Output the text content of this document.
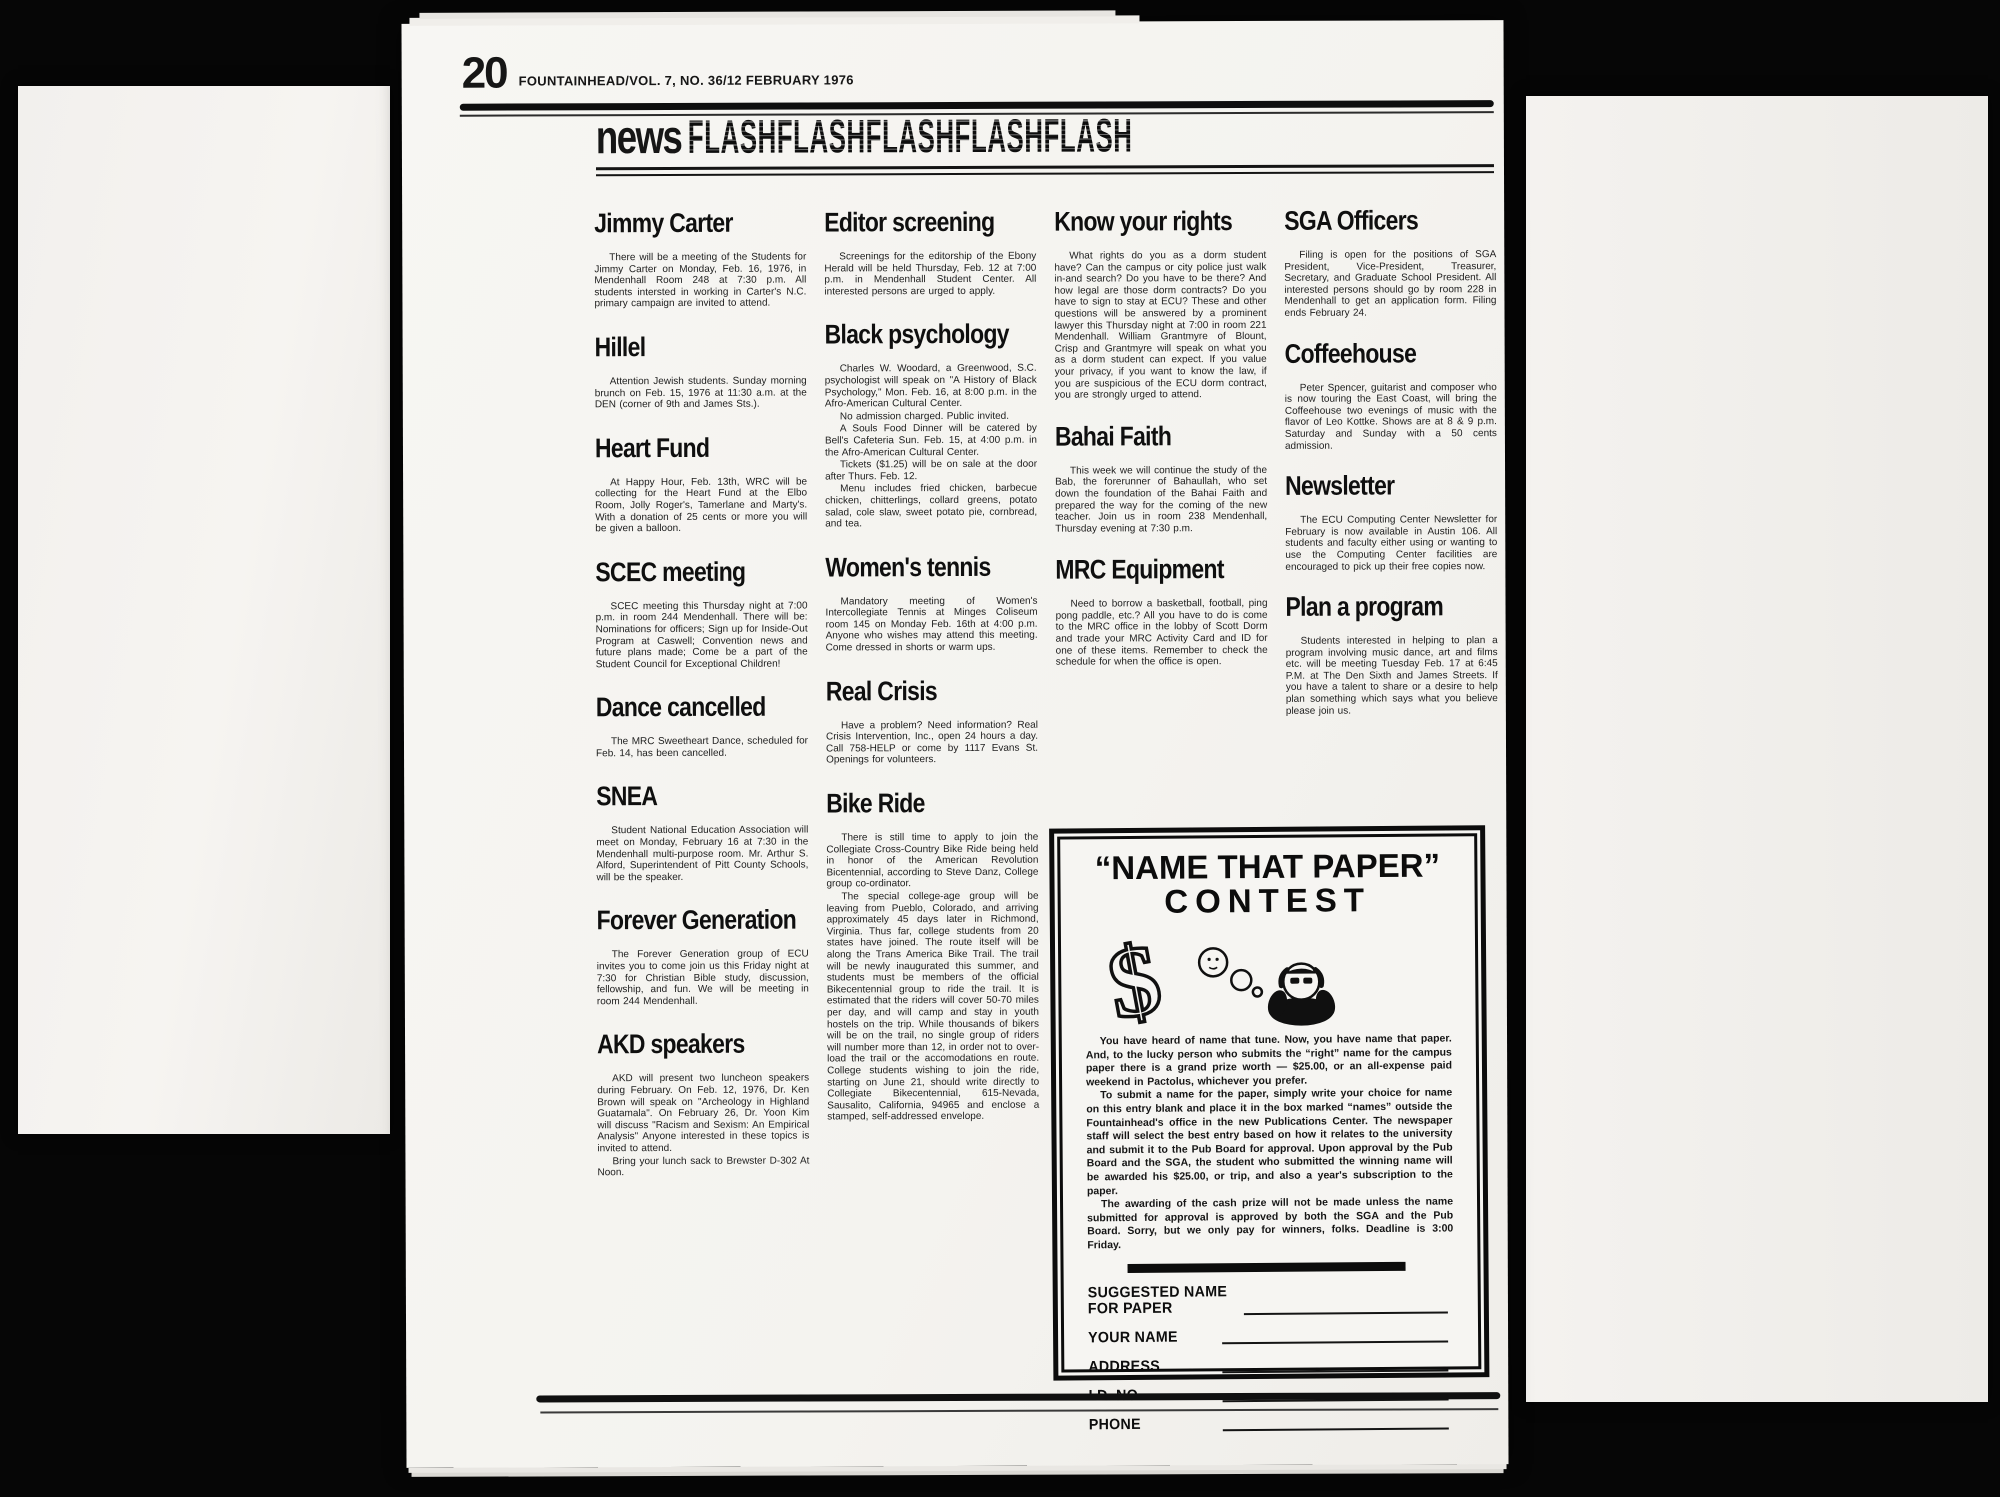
20 FOUNTAINHEAD/VOL. 7, NO. 36/12 FEBRUARY 1976
news FLASHFLASHFLASHFLASHFLASH
Jimmy Carter

There will be a meeting of the Students for Jimmy Carter on Monday, Feb. 16, 1976, in Mendenhall Room 248 at 7:30 p.m. All students intersted in working in Carter's N.C. primary campaign are invited to attend.

Hillel

Attention Jewish students. Sunday morning brunch on Feb. 15, 1976 at 11:30 a.m. at the DEN (corner of 9th and James Sts.).

Heart Fund

At Happy Hour, Feb. 13th, WRC will be collecting for the Heart Fund at the Elbo Room, Jolly Roger's, Tamerlane and Marty's. With a donation of 25 cents or more you will be given a balloon.

SCEC meeting

SCEC meeting this Thursday night at 7:00 p.m. in room 244 Mendenhall. There will be: Nominations for officers; Sign up for Inside-Out Program at Caswell; Convention news and future plans made; Come be a part of the Student Council for Exceptional Children!

Dance cancelled

The MRC Sweetheart Dance, scheduled for Feb. 14, has been cancelled.

SNEA

Student National Education Association will meet on Monday, February 16 at 7:30 in the Mendenhall multi-purpose room. Mr. Arthur S. Alford, Superintendent of Pitt County Schools, will be the speaker.

Forever Generation

The Forever Generation group of ECU invites you to come join us this Friday night at 7:30 for Christian Bible study, discussion, fellowship, and fun. We will be meeting in room 244 Mendenhall.

AKD speakers

AKD will present two luncheon speakers during February. On Feb. 12, 1976, Dr. Ken Brown will speak on "Archeology in Highland Guatamala". On February 26, Dr. Yoon Kim will discuss "Racism and Sexism: An Empirical Analysis" Anyone interested in these topics is invited to attend.

Bring your lunch sack to Brewster D-302 At Noon.

Editor screening

Screenings for the editorship of the Ebony Herald will be held Thursday, Feb. 12 at 7:00 p.m. in Mendenhall Student Center. All interested persons are urged to apply.

Black psychology

Charles W. Woodard, a Greenwood, S.C. psychologist will speak on "A History of Black Psychology," Mon. Feb. 16, at 8:00 p.m. in the Afro-American Cultural Center.

No admission charged. Public invited.

A Souls Food Dinner will be catered by Bell's Cafeteria Sun. Feb. 15, at 4:00 p.m. in the Afro-American Cultural Center.

Tickets ($1.25) will be on sale at the door after Thurs. Feb. 12.

Menu includes fried chicken, barbecue chicken, chitterlings, collard greens, potato salad, cole slaw, sweet potato pie, cornbread, and tea.

Women's tennis

Mandatory meeting of Women's Intercollegiate Tennis at Minges Coliseum room 145 on Monday Feb. 16th at 4:00 p.m. Anyone who wishes may attend this meeting. Come dressed in shorts or warm ups.

Real Crisis

Have a problem? Need information? Real Crisis Intervention, Inc., open 24 hours a day. Call 758-HELP or come by 1117 Evans St. Openings for volunteers.

Bike Ride

There is still time to apply to join the Collegiate Cross-Country Bike Ride being held in honor of the American Revolution Bicentennial, according to Steve Danz, College group co-ordinator.

The special college-age group will be leaving from Pueblo, Colorado, and arriving approximately 45 days later in Richmond, Virginia. Thus far, college students from 20 states have joined. The route itself will be along the Trans America Bike Trail. The trail will be newly inaugurated this summer, and students must be members of the official Bikecentennial group to ride the trail. It is estimated that the riders will cover 50-70 miles per day, and will camp and stay in youth hostels on the trip. While thousands of bikers will be on the trail, no single group of riders will number more than 12, in order not to over-load the trail or the accomodations en route. College students wishing to join the ride, starting on June 21, should write directly to Collegiate Bikecentennial, 615-Nevada, Sausalito, California, 94965 and enclose a stamped, self-addressed envelope.

Know your rights

What rights do you as a dorm student have? Can the campus or city police just walk in-and search? Do you have to be there? And how legal are those dorm contracts? Do you have to sign to stay at ECU? These and other questions will be answered by a prominent lawyer this Thursday night at 7:00 in room 221 Mendenhall. William Grantmyre of Blount, Crisp and Grantmyre will speak on what you as a dorm student can expect. If you value your privacy, if you want to know the law, if you are suspicious of the ECU dorm contract, you are strongly urged to attend.

Bahai Faith

This week we will continue the study of the Bab, the forerunner of Bahaullah, who set down the foundation of the Bahai Faith and prepared the way for the coming of the new teacher. Join us in room 238 Mendenhall, Thursday evening at 7:30 p.m.

MRC Equipment

Need to borrow a basketball, football, ping pong paddle, etc.? All you have to do is come to the MRC office in the lobby of Scott Dorm and trade your MRC Activity Card and ID for one of these items. Remember to check the schedule for when the office is open.

SGA Officers

Filing is open for the positions of SGA President, Vice-President, Treasurer, Secretary, and Graduate School President. All interested persons should go by room 228 in Mendenhall to get an application form. Filing ends February 24.

Coffeehouse

Peter Spencer, guitarist and composer who is now touring the East Coast, will bring the Coffeehouse two evenings of music with the flavor of Leo Kottke. Shows are at 8 & 9 p.m. Saturday and Sunday with a 50 cents admission.

Newsletter

The ECU Computing Center Newsletter for February is now available in Austin 106. All students and faculty either using or wanting to use the Computing Center facilities are encouraged to pick up their free copies now.

Plan a program

Students interested in helping to plan a program involving music dance, art and films etc. will be meeting Tuesday Feb. 17 at 6:45 P.M. at The Den Sixth and James Streets. If you have a talent to share or a desire to help plan something which says what you believe please join us.

“NAME THAT PAPER”
CONTEST
$

You have heard of name that tune. Now, you have name that paper. And, to the lucky person who submits the “right” name for the campus paper there is a grand prize worth — $25.00, or an all-expense paid weekend in Pactolus, whichever you prefer.

To submit a name for the paper, simply write your choice for name on this entry blank and place it in the box marked “names” outside the Fountainhead's office in the new Publications Center. The newspaper staff will select the best entry based on how it relates to the university and submit it to the Pub Board for approval. Upon approval by the Pub Board and the SGA, the student who submitted the winning name will be awarded his $25.00, or trip, and also a year's subscription to the paper.

The awarding of the cash prize will not be made unless the name submitted for approval is approved by both the SGA and the Pub Board. Sorry, but we only pay for winners, folks. Deadline is 3:00 Friday.

SUGGESTED NAME
FOR PAPER
YOUR NAME
ADDRESS
PHONE
